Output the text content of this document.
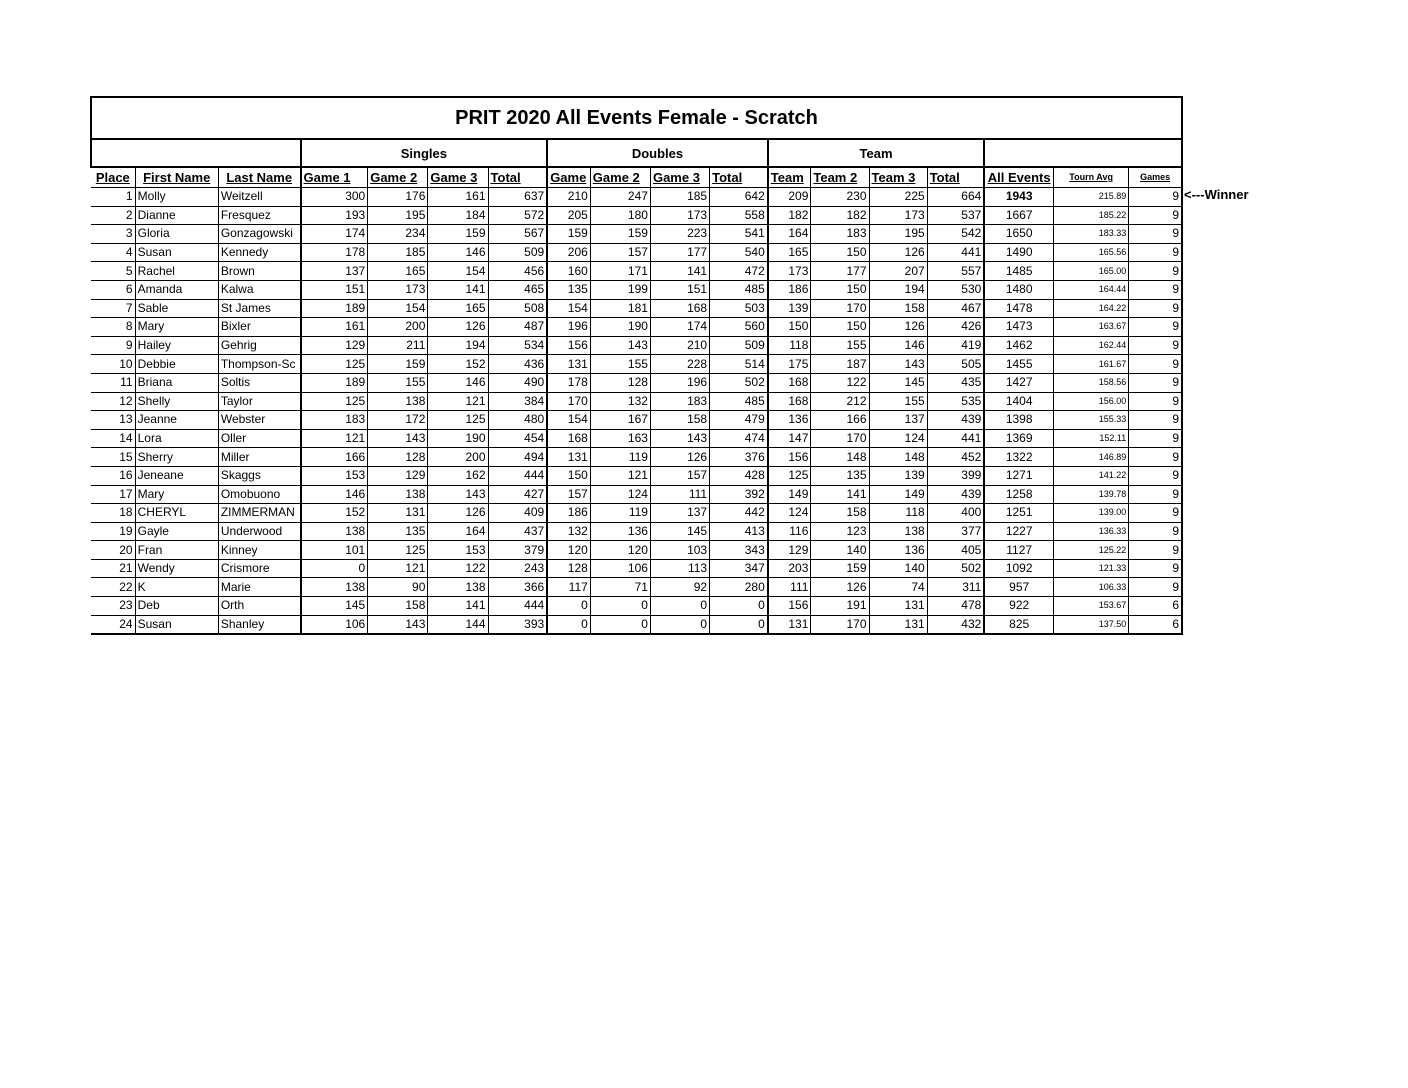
PRIT 2020 All Events Female - Scratch																	
			Singles				Doubles				Team						
Place	First Name	Last Name	Game 1	Game 2	Game 3	Total	Game	Game 2	Game 3	Total	Team	Team 2	Team 3	Total	All Events	Tourn Avg	Games
1	Molly	Weitzell	300	176	161	637	210	247	185	642	209	230	225	664	1943	215.89	9
2	Dianne	Fresquez	193	195	184	572	205	180	173	558	182	182	173	537	1667	185.22	9
3	Gloria	Gonzagowski	174	234	159	567	159	159	223	541	164	183	195	542	1650	183.33	9
4	Susan	Kennedy	178	185	146	509	206	157	177	540	165	150	126	441	1490	165.56	9
5	Rachel	Brown	137	165	154	456	160	171	141	472	173	177	207	557	1485	165.00	9
6	Amanda	Kalwa	151	173	141	465	135	199	151	485	186	150	194	530	1480	164.44	9
7	Sable	St James	189	154	165	508	154	181	168	503	139	170	158	467	1478	164.22	9
8	Mary	Bixler	161	200	126	487	196	190	174	560	150	150	126	426	1473	163.67	9
9	Hailey	Gehrig	129	211	194	534	156	143	210	509	118	155	146	419	1462	162.44	9
10	Debbie	Thompson-Sc	125	159	152	436	131	155	228	514	175	187	143	505	1455	161.67	9
11	Briana	Soltis	189	155	146	490	178	128	196	502	168	122	145	435	1427	158.56	9
12	Shelly	Taylor	125	138	121	384	170	132	183	485	168	212	155	535	1404	156.00	9
13	Jeanne	Webster	183	172	125	480	154	167	158	479	136	166	137	439	1398	155.33	9
14	Lora	Oller	121	143	190	454	168	163	143	474	147	170	124	441	1369	152.11	9
15	Sherry	Miller	166	128	200	494	131	119	126	376	156	148	148	452	1322	146.89	9
16	Jeneane	Skaggs	153	129	162	444	150	121	157	428	125	135	139	399	1271	141.22	9
17	Mary	Omobuono	146	138	143	427	157	124	111	392	149	141	149	439	1258	139.78	9
18	CHERYL	ZIMMERMAN	152	131	126	409	186	119	137	442	124	158	118	400	1251	139.00	9
19	Gayle	Underwood	138	135	164	437	132	136	145	413	116	123	138	377	1227	136.33	9
20	Fran	Kinney	101	125	153	379	120	120	103	343	129	140	136	405	1127	125.22	9
21	Wendy	Crismore	0	121	122	243	128	106	113	347	203	159	140	502	1092	121.33	9
22	K	Marie	138	90	138	366	117	71	92	280	111	126	74	311	957	106.33	9
23	Deb	Orth	145	158	141	444	0	0	0	0	156	191	131	478	922	153.67	6
24	Susan	Shanley	106	143	144	393	0	0	0	0	131	170	131	432	825	137.50	6
<---Winner
